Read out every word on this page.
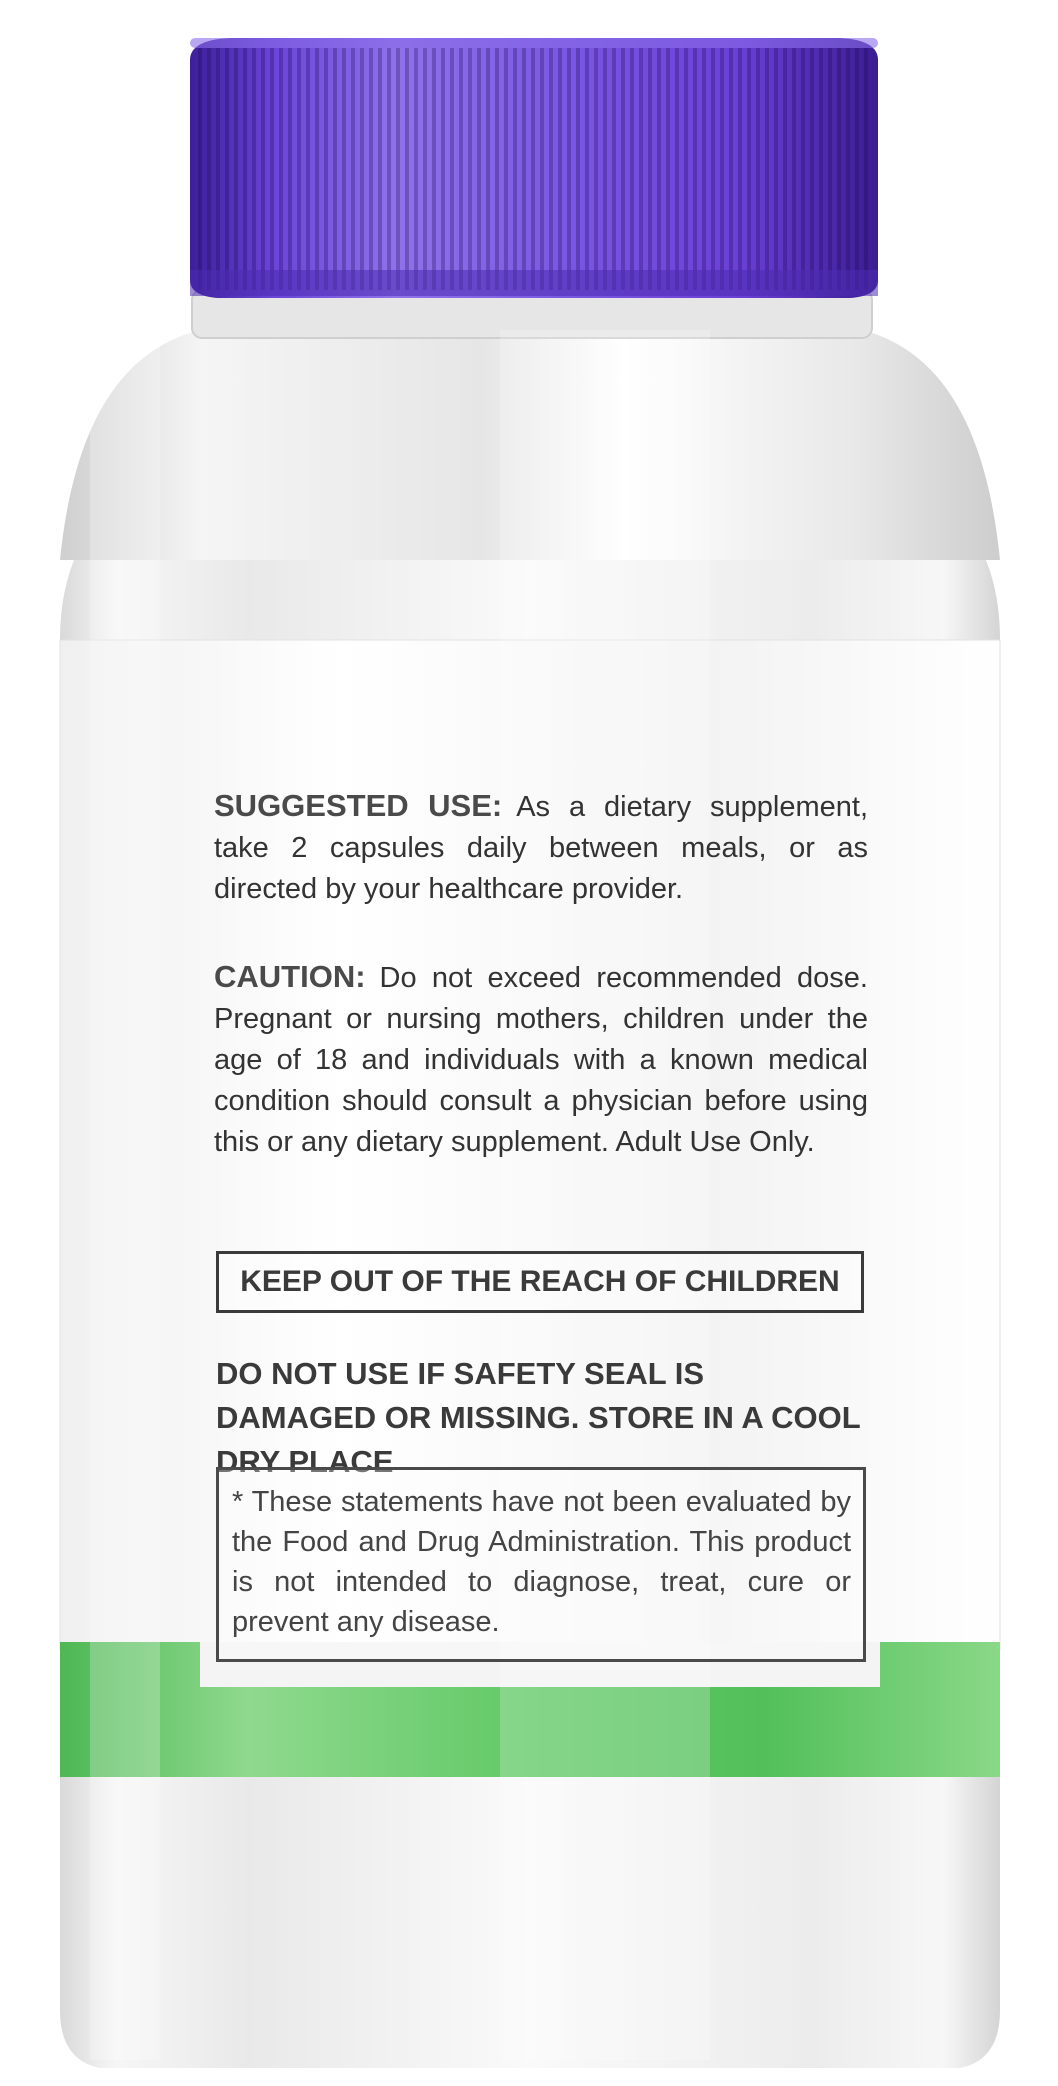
SUGGESTED USE: As a dietary supplement, take 2 capsules daily between meals, or as directed by your healthcare provider.

CAUTION: Do not exceed recommended dose. Pregnant or nursing mothers, children under the age of 18 and individuals with a known medical condition should consult a physician before using this or any dietary supplement. Adult Use Only.

KEEP OUT OF THE REACH OF CHILDREN

DO NOT USE IF SAFETY SEAL IS DAMAGED OR MISSING. STORE IN A COOL DRY PLACE

* These statements have not been evaluated by the Food and Drug Administration. This product is not intended to diagnose, treat, cure or prevent any disease.
